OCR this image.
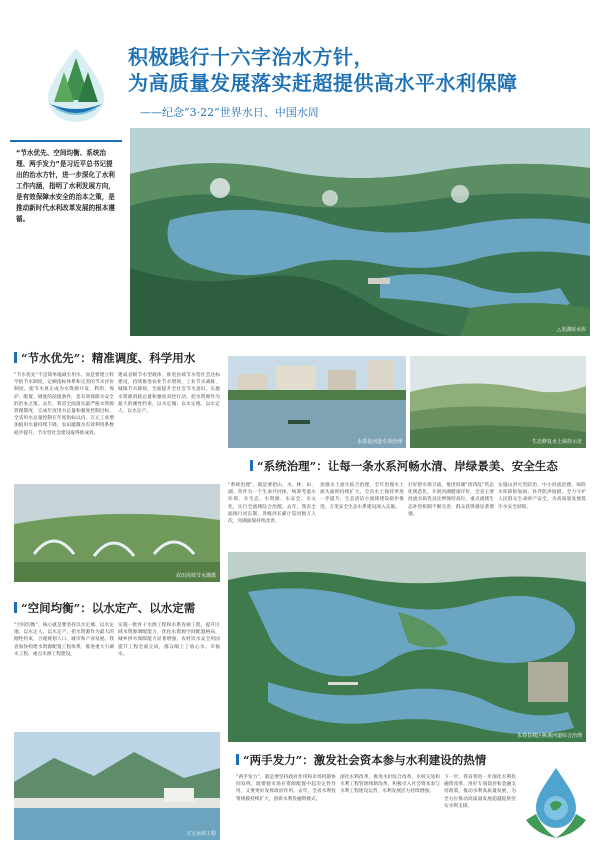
积极践行十六字治水方针，
为高质量发展落实赶超提供高水平水利保障
——纪念“3·22”世界水日、中国水周
“节水优先、空间均衡、系统治理、两手发力”是习近平总书记提出的治水方针，进一步深化了水利工作内涵，指明了水利发展方向，是有效保障水安全的治本之策，是推动新时代水利改革发展的根本遵循。
△龙湖库水库
“节水优先”：精准调度、科学用水
“节水优先”不是简单地减少用水，而是要建立科学的节水制度，定额指标体系和完善的节水评价制度，使节水真正成为水资源开发、利用、保护、配置、调度的前提条件，是有效保障水安全的治本之策。去年，我省全面落实最严格水资源管理制度，完成年度用水总量和强度控制目标，全省用水总量控制在年度指标以内，万元工业增加值用水量持续下降，农田灌溉水有效利用系数稳步提升，节水型社会建设取得新成效。
建成省级节水型载体，推进县域节水型社会达标建设，持续推进农业节水增效、工业节水减排、城镇节水降损，全面提升全社会节水意识。实施水资源消耗总量和强度双控行动，把水资源作为最大的刚性约束，以水定城、以水定地、以水定人、以水定产。
永春县河道专项治理	生态修复水土保持示范
“系统治理”：让每一条水系河畅水清、岸绿景美、安全生态
农田高效节水灌溉
“系统治理”，就是要把山、水、林、田、湖、草作为一个生命共同体，统筹考虑水环境、水生态、水资源、水安全、水文化，实行全流域综合治理。去年，我省全面推行河长制，各级河长累计巡河数万人次，河湖面貌持续改善。
加强水土流失综合治理，全年治理水土流失面积持续扩大，全省水土保持率进一步提升，生态清洁小流域建设稳步推进，万里安全生态水系建设深入实施。
打好碧水保卫战，推进河湖“清四乱”常态化规范化，开展河湖健康评价，全省主要河流水质优良比例保持高位，重点流域生态补偿机制不断完善，群众获得感显著增强。
实施山洪灾害防治、中小河流治理、病险水库除险加固，补齐防洪短板，全力守护人民群众生命财产安全，为高质量发展筑牢水安全屏障。
永春县城区桃溪河道综合治理
“空间均衡”：以水定产、以水定需
“空间均衡”，核心就是要坚持以水定城、以水定地、以水定人、以水定产，把水资源作为最大的刚性约束，合理规划人口、城市和产业发展。我省加快构建水资源配置工程体系，推进重大引调水工程、重点水源工程建设。
实施一批骨干水源工程和水系连通工程，提升区域水资源调配能力，优化水资源空间配置格局，城乡供水保障能力显著增强，农村饮水安全巩固提升工程全面完成，群众喝上了放心水、幸福水。
万宝水库工程
“两手发力”：激发社会资本参与水利建设的热情
“两手发力”，就是要坚持政府作用和市场机制协同发挥，既要使市场在资源配置中起决定性作用，又要更好发挥政府作用。去年，全省水利投资规模持续扩大，创新水利投融资模式。
深化水利改革，推进水价综合改革、水权交易和水利工程管理体制改革，积极引入社会资本参与水利工程建设运营，水利发展活力持续增强。
下一步，我省将进一步深化水利投融资改革，用好专项债券和金融支持政策，推动水利高质量发展，为全方位推动高质量发展超越提供坚实水利支撑。
